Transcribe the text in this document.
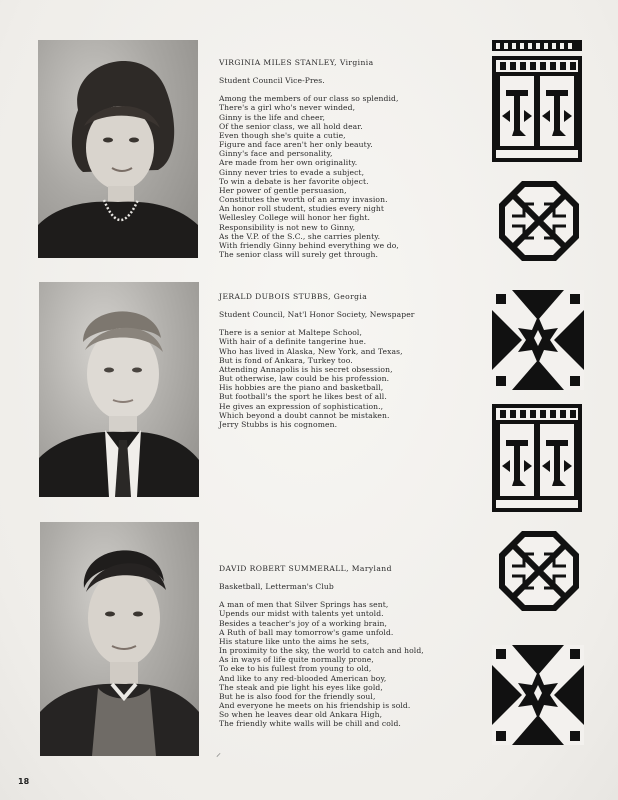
VIRGINIA MILES STANLEY, Virginia
Student Council Vice-Pres.
Among the members of our class so splendid,
There's a girl who's never winded,
Ginny is the life and cheer,
Of the senior class, we all hold dear.
Even though she's quite a cutie,
Figure and face aren't her only beauty.
Ginny's face and personality,
Are made from her own originality.
Ginny never tries to evade a subject,
To win a debate is her favorite object.
Her power of gentle persuasion,
Constitutes the worth of an army invasion.
An honor roll student, studies every night
Wellesley College will honor her fight.
Responsibility is not new to Ginny,
As the V.P. of the S.C., she carries plenty.
With friendly Ginny behind everything we do,
The senior class will surely get through.
JERALD DUBOIS STUBBS, Georgia
Student Council, Nat'l Honor Society, Newspaper
There is a senior at Maltepe School,
With hair of a definite tangerine hue.
Who has lived in Alaska, New York, and Texas,
But is fond of Ankara, Turkey too.
Attending Annapolis is his secret obsession,
But otherwise, law could be his profession.
His hobbies are the piano and basketball,
But football's the sport he likes best of all.
He gives an expression of sophistication.,
Which beyond a doubt cannot be mistaken.
Jerry Stubbs is his cognomen.
DAVID ROBERT SUMMERALL, Maryland
Basketball, Letterman's Club
A man of men that Silver Springs has sent,
Upends our midst with talents yet untold.
Besides a teacher's joy of a working brain,
A Ruth of ball may tomorrow's game unfold.
His stature like unto the aims he sets,
In proximity to the sky, the world to catch and hold,
As in ways of life quite normally prone,
To eke to his fullest from young to old,
And like to any red-blooded American boy,
The steak and pie light his eyes like gold,
But he is also food for the friendly soul,
And everyone he meets on his friendship is sold.
So when he leaves dear old Ankara High,
The friendly white walls will be chill and cold.
⸝
18
